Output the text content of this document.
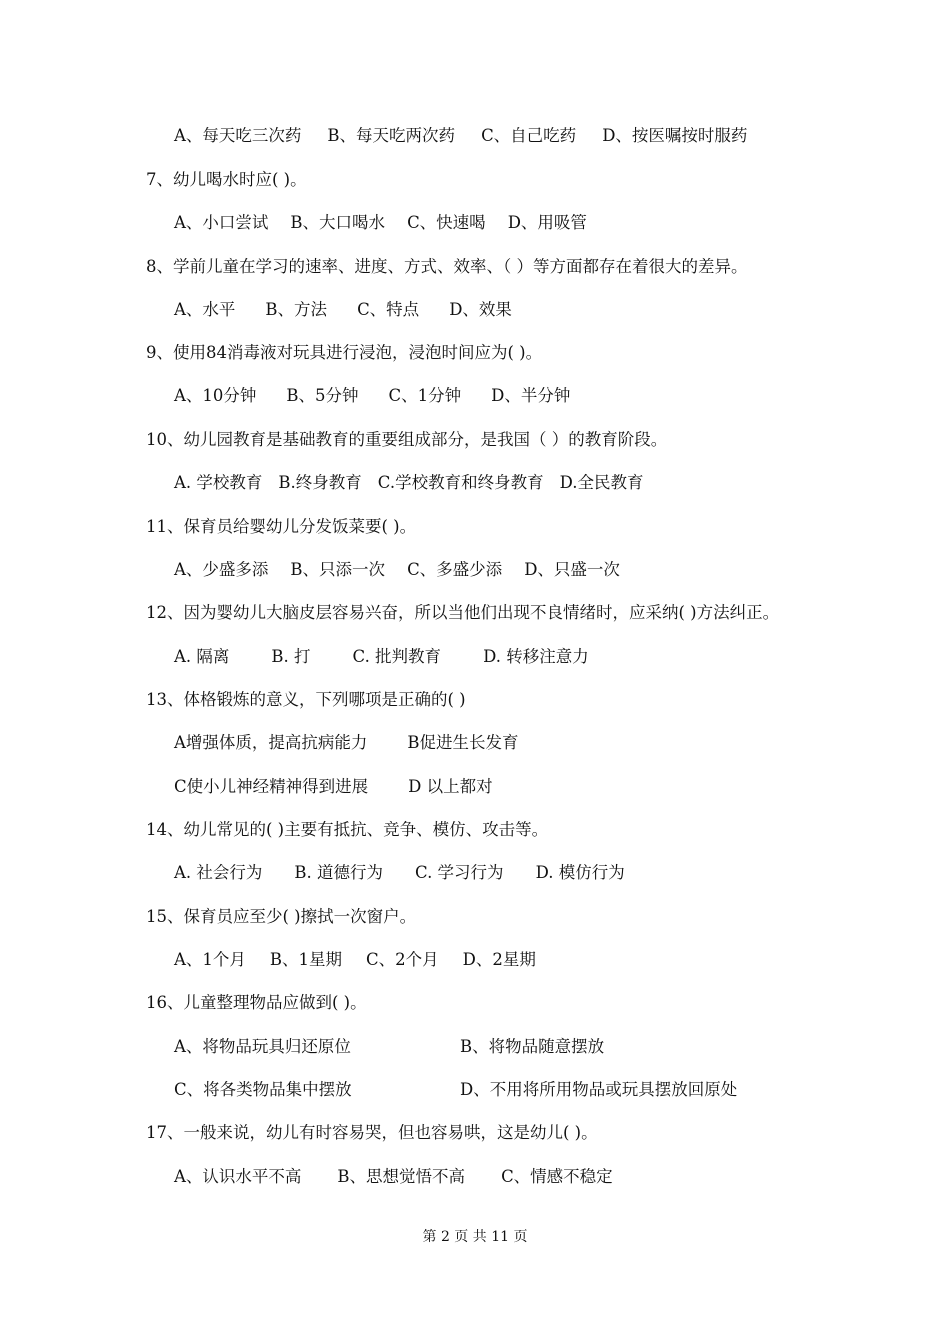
A、每天吃三次药 B、每天吃两次药 C、自己吃药 D、按医嘱按时服药
7、幼儿喝水时应( )。
A、小口尝试 B、大口喝水 C、快速喝 D、用吸管
8、学前儿童在学习的速率、进度、方式、效率、（ ）等方面都存在着很大的差异。
A、水平 B、方法 C、特点 D、效果
9、使用84消毒液对玩具进行浸泡，浸泡时间应为( )。
A、10分钟 B、5分钟 C、1分钟 D、半分钟
10、幼儿园教育是基础教育的重要组成部分，是我国（ ）的教育阶段。
A. 学校教育 B.终身教育 C.学校教育和终身教育 D.全民教育
11、保育员给婴幼儿分发饭菜要( )。
A、少盛多添 B、只添一次 C、多盛少添 D、只盛一次
12、因为婴幼儿大脑皮层容易兴奋，所以当他们出现不良情绪时，应采纳( )方法纠正。
A. 隔离	B. 打	C. 批判教育	D. 转移注意力
13、体格锻炼的意义，下列哪项是正确的( )
A增强体质，提高抗病能力 B促进生长发育
C使小儿神经精神得到进展 D 以上都对
14、幼儿常见的( )主要有抵抗、竞争、模仿、攻击等。
A. 社会行为 B. 道德行为 C. 学习行为 D. 模仿行为
15、保育员应至少( )擦拭一次窗户。
A、1个月 B、1星期 C、2个月 D、2星期
16、儿童整理物品应做到( )。
A、将物品玩具归还原位	B、将物品随意摆放
C、将各类物品集中摆放	D、不用将所用物品或玩具摆放回原处
17、一般来说，幼儿有时容易哭，但也容易哄，这是幼儿( )。
A、认识水平不高 B、思想觉悟不高 C、情感不稳定
第 2 页 共 11 页
